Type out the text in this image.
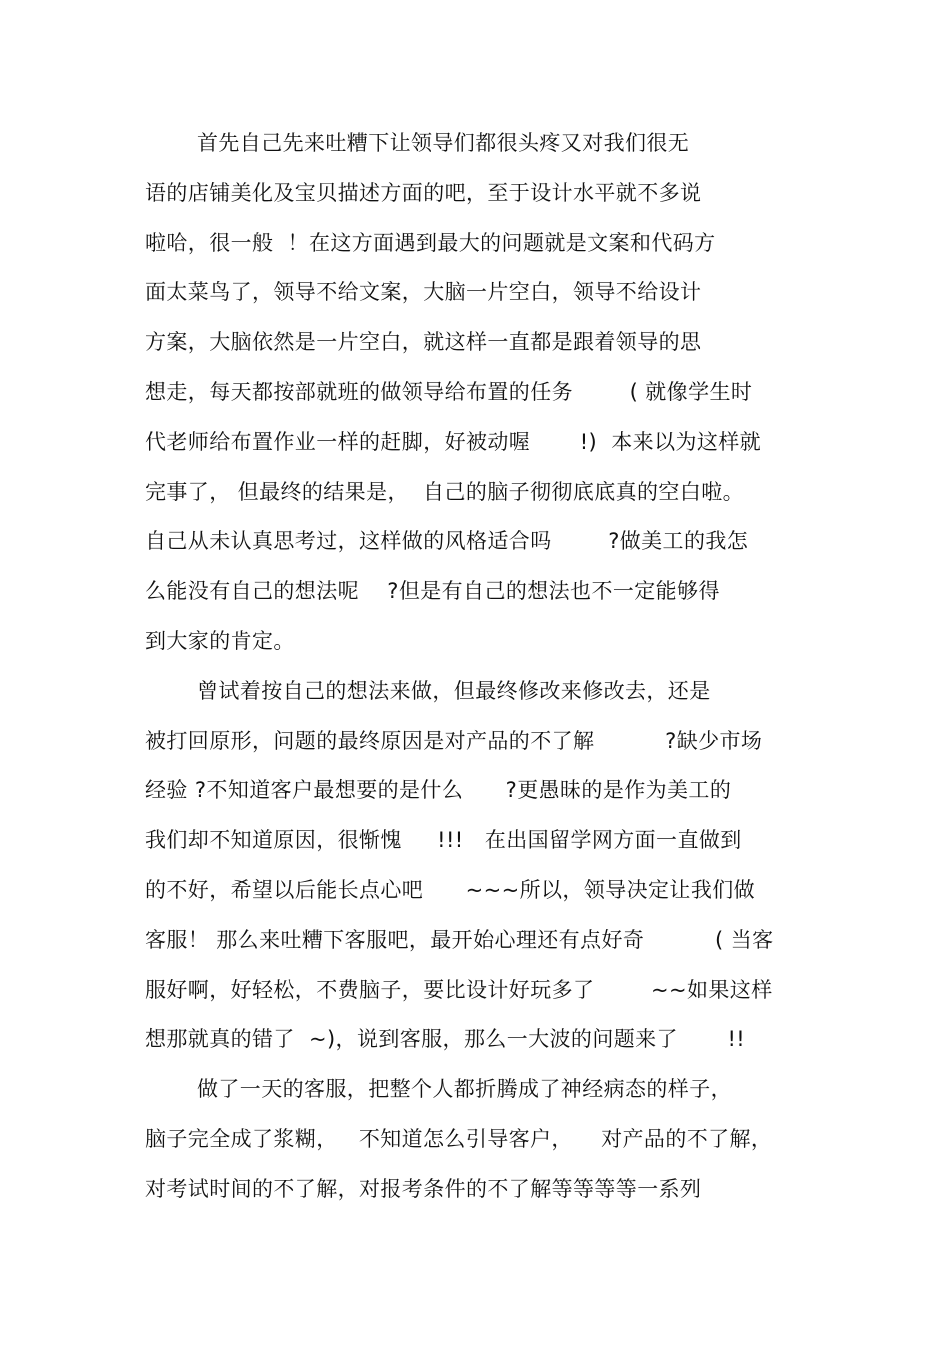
首先自己先来吐糟下让领导们都很头疼又对我们很无
语的店铺美化及宝贝描述方面的吧，至于设计水平就不多说
啦哈，很一般  ！在这方面遇到最大的问题就是文案和代码方
面太菜鸟了，领导不给文案，大脑一片空白，领导不给设计
方案，大脑依然是一片空白，就这样一直都是跟着领导的思
想走，每天都按部就班的做领导给布置的任务        ( 就像学生时
代老师给布置作业一样的赶脚，好被动喔       !)  本来以为这样就
完事了， 但最终的结果是，  自己的脑子彻彻底底真的空白啦。
自己从未认真思考过，这样做的风格适合吗        ?做美工的我怎
么能没有自己的想法呢    ?但是有自己的想法也不一定能够得
到大家的肯定。
曾试着按自己的想法来做，但最终修改来修改去，还是
被打回原形，问题的最终原因是对产品的不了解          ?缺少市场
经验 ?不知道客户最想要的是什么      ?更愚昧的是作为美工的
我们却不知道原因，很惭愧     !!!   在出国留学网方面一直做到
的不好，希望以后能长点心吧      ~~~所以，领导决定让我们做
客服！ 那么来吐糟下客服吧，最开始心理还有点好奇          ( 当客
服好啊，好轻松，不费脑子，要比设计好玩多了        ~~如果这样
想那就真的错了  ~)，说到客服，那么一大波的问题来了       !!
做了一天的客服，把整个人都折腾成了神经病态的样子，
脑子完全成了浆糊，   不知道怎么引导客户，    对产品的不了解，
对考试时间的不了解，对报考条件的不了解等等等等一系列
